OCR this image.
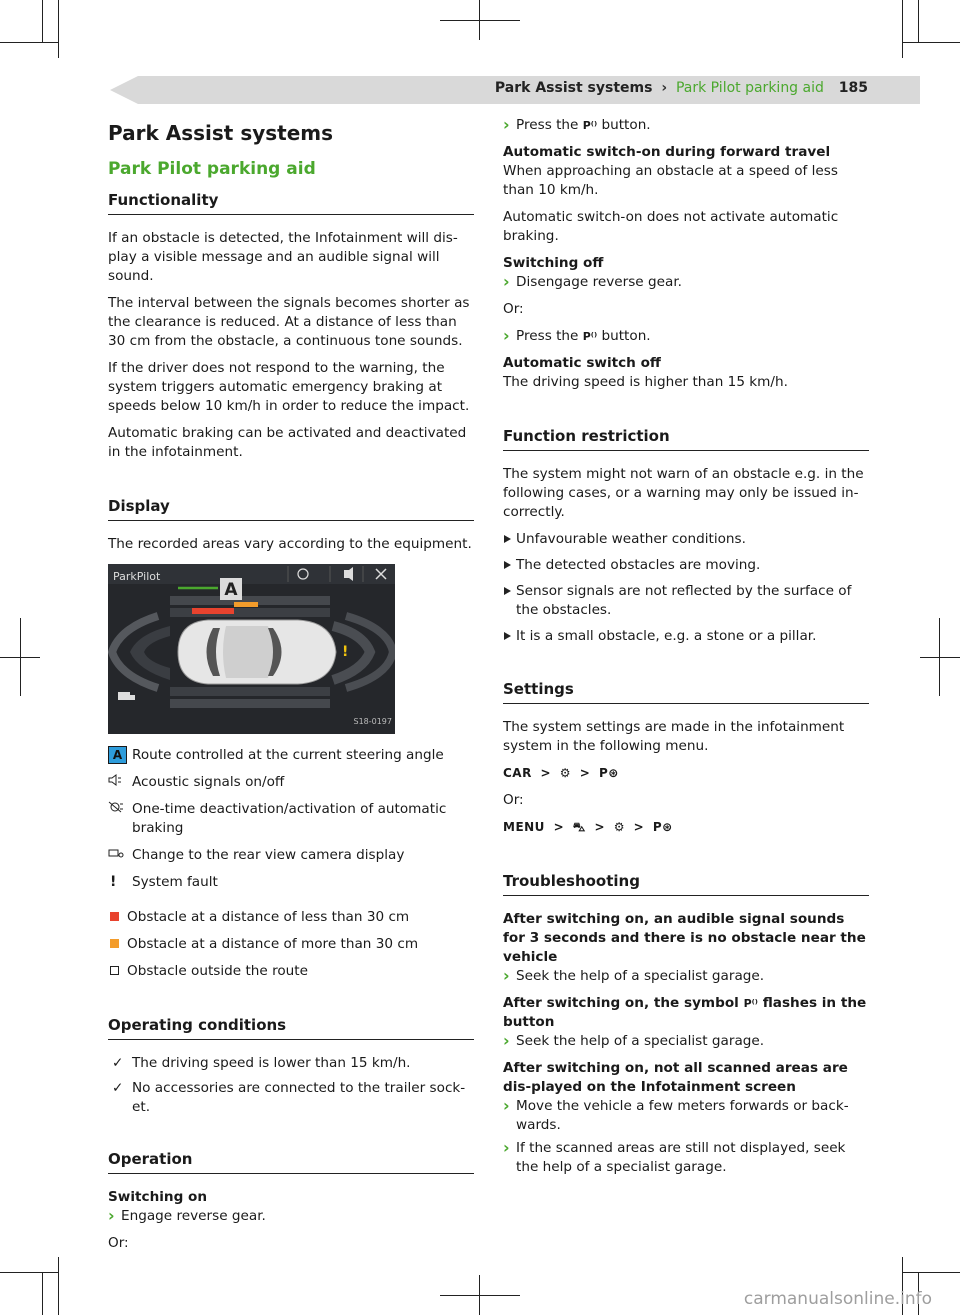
Park Assist systems › Park Pilot parking aid 185
Park Assist systems
Park Pilot parking aid
Functionality

If an obstacle is detected, the Infotainment will dis-play a visible message and an audible signal will sound.

The interval between the signals becomes shorter as the clearance is reduced. At a distance of less than 30 cm from the obstacle, a continuous tone sounds.

If the driver does not respond to the warning, the system triggers automatic emergency braking at speeds below 10 km/h in order to reduce the impact.

Automatic braking can be activated and deactivated in the infotainment.

Display

The recorded areas vary according to the equipment.

A
!
ParkPilot
S18-0197
A Route controlled at the current steering angle
Acoustic signals on/off
One-time deactivation/activation of automatic braking
Change to the rear view camera display
!	System fault
Obstacle at a distance of less than 30 cm
Obstacle at a distance of more than 30 cm
Obstacle outside the route
Operating conditions

✓ The driving speed is lower than 15 km/h.

✓ No accessories are connected to the trailer sock-et.

Operation

Switching on

› Engage reverse gear.

Or:

› Press the P⁽⁾ button.

Automatic switch-on during forward travel

When approaching an obstacle at a speed of less than 10 km/h.

Automatic switch-on does not activate automatic braking.

Switching off

› Disengage reverse gear.

Or:

› Press the P⁽⁾ button.

Automatic switch off

The driving speed is higher than 15 km/h.

Function restriction

The system might not warn of an obstacle e.g. in the following cases, or a warning may only be issued in-correctly.

Unfavourable weather conditions.

The detected obstacles are moving.

Sensor signals are not reflected by the surface of the obstacles.

It is a small obstacle, e.g. a stone or a pillar.

Settings

The system settings are made in the infotainment system in the following menu.

CAR > ⚙ > P⊛

Or:

MENU > ⛍ > ⚙ > P⊛

Troubleshooting

After switching on, an audible signal sounds for 3 seconds and there is no obstacle near the vehicle

› Seek the help of a specialist garage.

After switching on, the symbol P⁽⁾ flashes in the button

› Seek the help of a specialist garage.

After switching on, not all scanned areas are dis-played on the Infotainment screen

› Move the vehicle a few meters forwards or back-wards.

› If the scanned areas are still not displayed, seek the help of a specialist garage.

carmanualsonline.info
